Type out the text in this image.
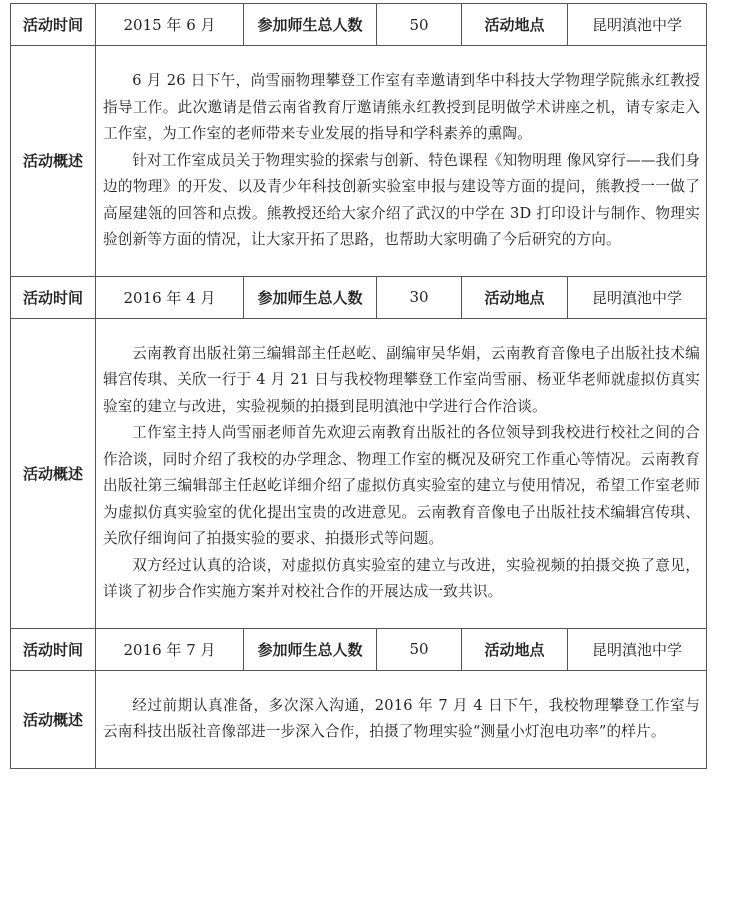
活动时间	2015 年 6 月	参加师生总人数	50	活动地点	昆明滇池中学
活动概述	6 月 26 日下午，尚雪丽物理攀登工作室有幸邀请到华中科技大学物理学院熊永红教授指导工作。此次邀请是借云南省教育厅邀请熊永红教授到昆明做学术讲座之机，请专家走入工作室，为工作室的老师带来专业发展的指导和学科素养的熏陶。

针对工作室成员关于物理实验的探索与创新、特色课程《知物明理 像风穿行——我们身边的物理》的开发、以及青少年科技创新实验室申报与建设等方面的提问，熊教授一一做了高屋建瓴的回答和点拨。熊教授还给大家介绍了武汉的中学在 3D 打印设计与制作、物理实验创新等方面的情况，让大家开拓了思路，也帮助大家明确了今后研究的方向。				

活动时间	2016 年 4 月	参加师生总人数	30	活动地点	昆明滇池中学
活动概述	云南教育出版社第三编辑部主任赵屹、副编审吴华娟，云南教育音像电子出版社技术编辑宫传琪、关欣一行于 4 月 21 日与我校物理攀登工作室尚雪丽、杨亚华老师就虚拟仿真实验室的建立与改进，实验视频的拍摄到昆明滇池中学进行合作洽谈。

工作室主持人尚雪丽老师首先欢迎云南教育出版社的各位领导到我校进行校社之间的合作洽谈，同时介绍了我校的办学理念、物理工作室的概况及研究工作重心等情况。云南教育出版社第三编辑部主任赵屹详细介绍了虚拟仿真实验室的建立与使用情况，希望工作室老师为虚拟仿真实验室的优化提出宝贵的改进意见。云南教育音像电子出版社技术编辑宫传琪、关欣仔细询问了拍摄实验的要求、拍摄形式等问题。

双方经过认真的洽谈，对虚拟仿真实验室的建立与改进，实验视频的拍摄交换了意见，详谈了初步合作实施方案并对校社合作的开展达成一致共识。				

活动时间	2016 年 7 月	参加师生总人数	50	活动地点	昆明滇池中学
活动概述	经过前期认真准备，多次深入沟通，2016 年 7 月 4 日下午，我校物理攀登工作室与云南科技出版社音像部进一步深入合作，拍摄了物理实验“测量小灯泡电功率”的样片。				
